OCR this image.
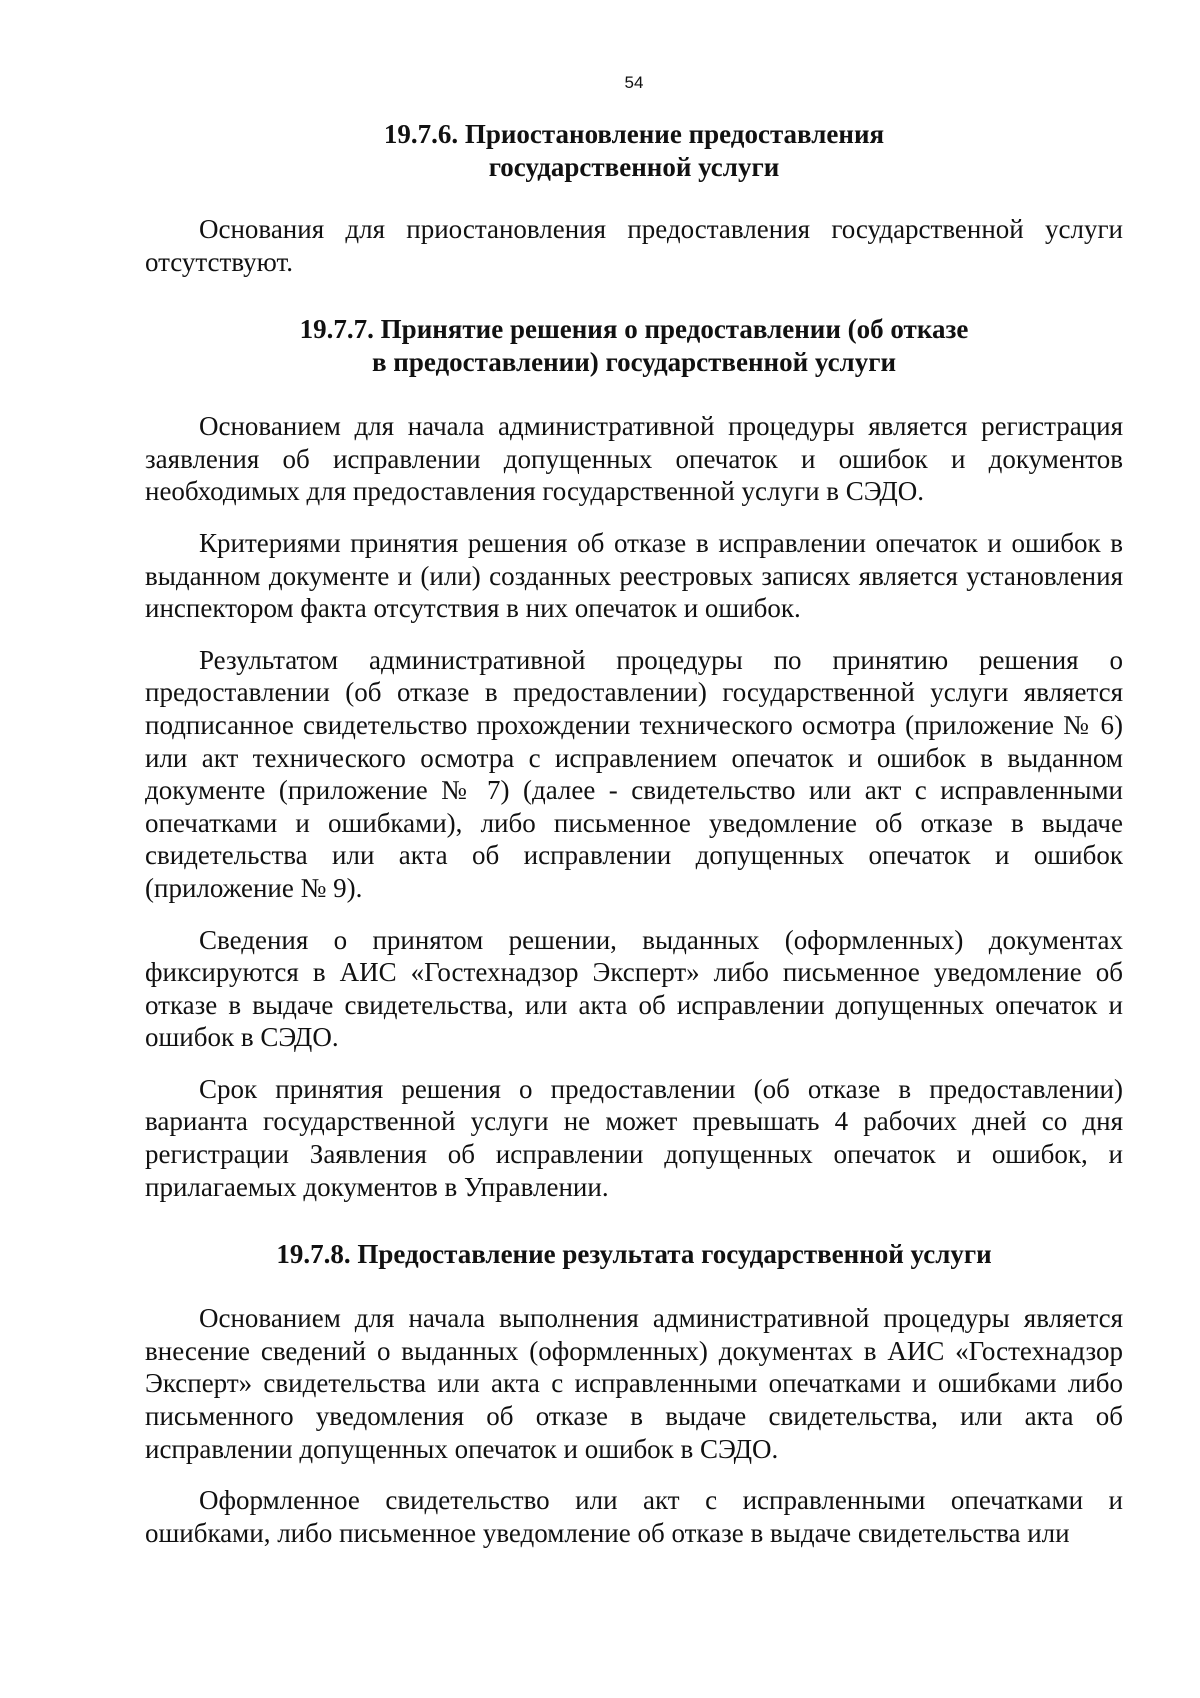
54
19.7.6. Приостановление предоставления
государственной услуги

Основания для приостановления предоставления государственной услуги отсутствуют.

19.7.7. Принятие решения о предоставлении (об отказе
в предоставлении) государственной услуги

Основанием для начала административной процедуры является регистрация заявления об исправлении допущенных опечаток и ошибок и документов необходимых для предоставления государственной услуги в СЭДО.

Критериями принятия решения об отказе в исправлении опечаток и ошибок в выданном документе и (или) созданных реестровых записях является установления инспектором факта отсутствия в них опечаток и ошибок.

Результатом административной процедуры по принятию решения о предоставлении (об отказе в предоставлении) государственной услуги является подписанное свидетельство прохождении технического осмотра (приложение № 6) или акт технического осмотра с исправлением опечаток и ошибок в выданном документе (приложение № 7) (далее - свидетельство или акт с исправленными опечатками и ошибками), либо письменное уведомление об отказе в выдаче свидетельства или акта об исправлении допущенных опечаток и ошибок (приложение № 9).

Сведения о принятом решении, выданных (оформленных) документах фиксируются в АИС «Гостехнадзор Эксперт» либо письменное уведомление об отказе в выдаче свидетельства, или акта об исправлении допущенных опечаток и ошибок в СЭДО.

Срок принятия решения о предоставлении (об отказе в предоставлении) варианта государственной услуги не может превышать 4 рабочих дней со дня регистрации Заявления об исправлении допущенных опечаток и ошибок, и прилагаемых документов в Управлении.

19.7.8. Предоставление результата государственной услуги

Основанием для начала выполнения административной процедуры является внесение сведений о выданных (оформленных) документах в АИС «Гостехнадзор Эксперт» свидетельства или акта с исправленными опечатками и ошибками либо письменного уведомления об отказе в выдаче свидетельства, или акта об исправлении допущенных опечаток и ошибок в СЭДО.

Оформленное свидетельство или акт с исправленными опечатками и ошибками, либо письменное уведомление об отказе в выдаче свидетельства или
